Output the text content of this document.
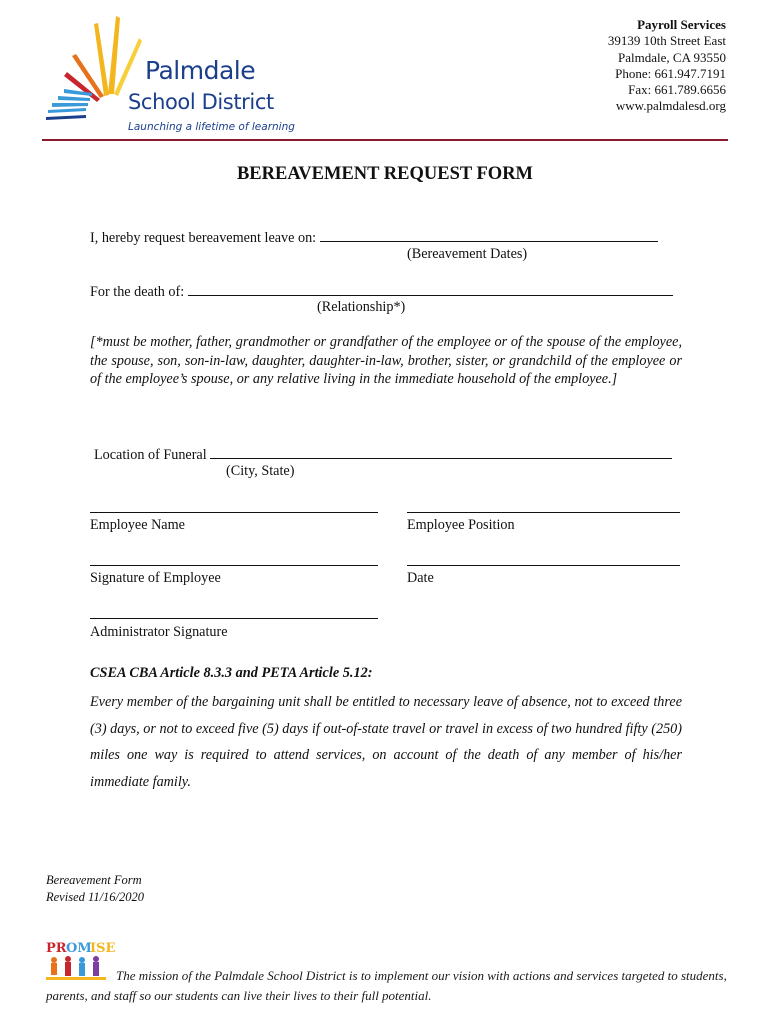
Palmdale
School District
Launching a lifetime of learning
Payroll Services
39139 10th Street East
Palmdale, CA 93550
Phone: 661.947.7191
Fax: 661.789.6656
www.palmdalesd.org
BEREAVEMENT REQUEST FORM
I, hereby request bereavement leave on:
(Bereavement Dates)
For the death of:
(Relationship*)
[*must be mother, father, grandmother or grandfather of the employee or of the spouse of the employee, the spouse, son, son-in-law, daughter, daughter-in-law, brother, sister, or grandchild of the employee or of the employee’s spouse, or any relative living in the immediate household of the employee.]
Location of Funeral
(City, State)
Employee Name	Employee Position
Signature of Employee	Date
Administrator Signature
CSEA CBA Article 8.3.3 and PETA Article 5.12:
Every member of the bargaining unit shall be entitled to necessary leave of absence, not to exceed three (3) days, or not to exceed five (5) days if out-of-state travel or travel in excess of two hundred fifty (250) miles one way is required to attend services, on account of the death of any member of his/her immediate family.
Bereavement Form
Revised 11/16/2020
PR OM
ISE
The mission of the Palmdale School District is to implement our vision with actions and services targeted to students, parents, and staff so our students can live their lives to their full potential.
